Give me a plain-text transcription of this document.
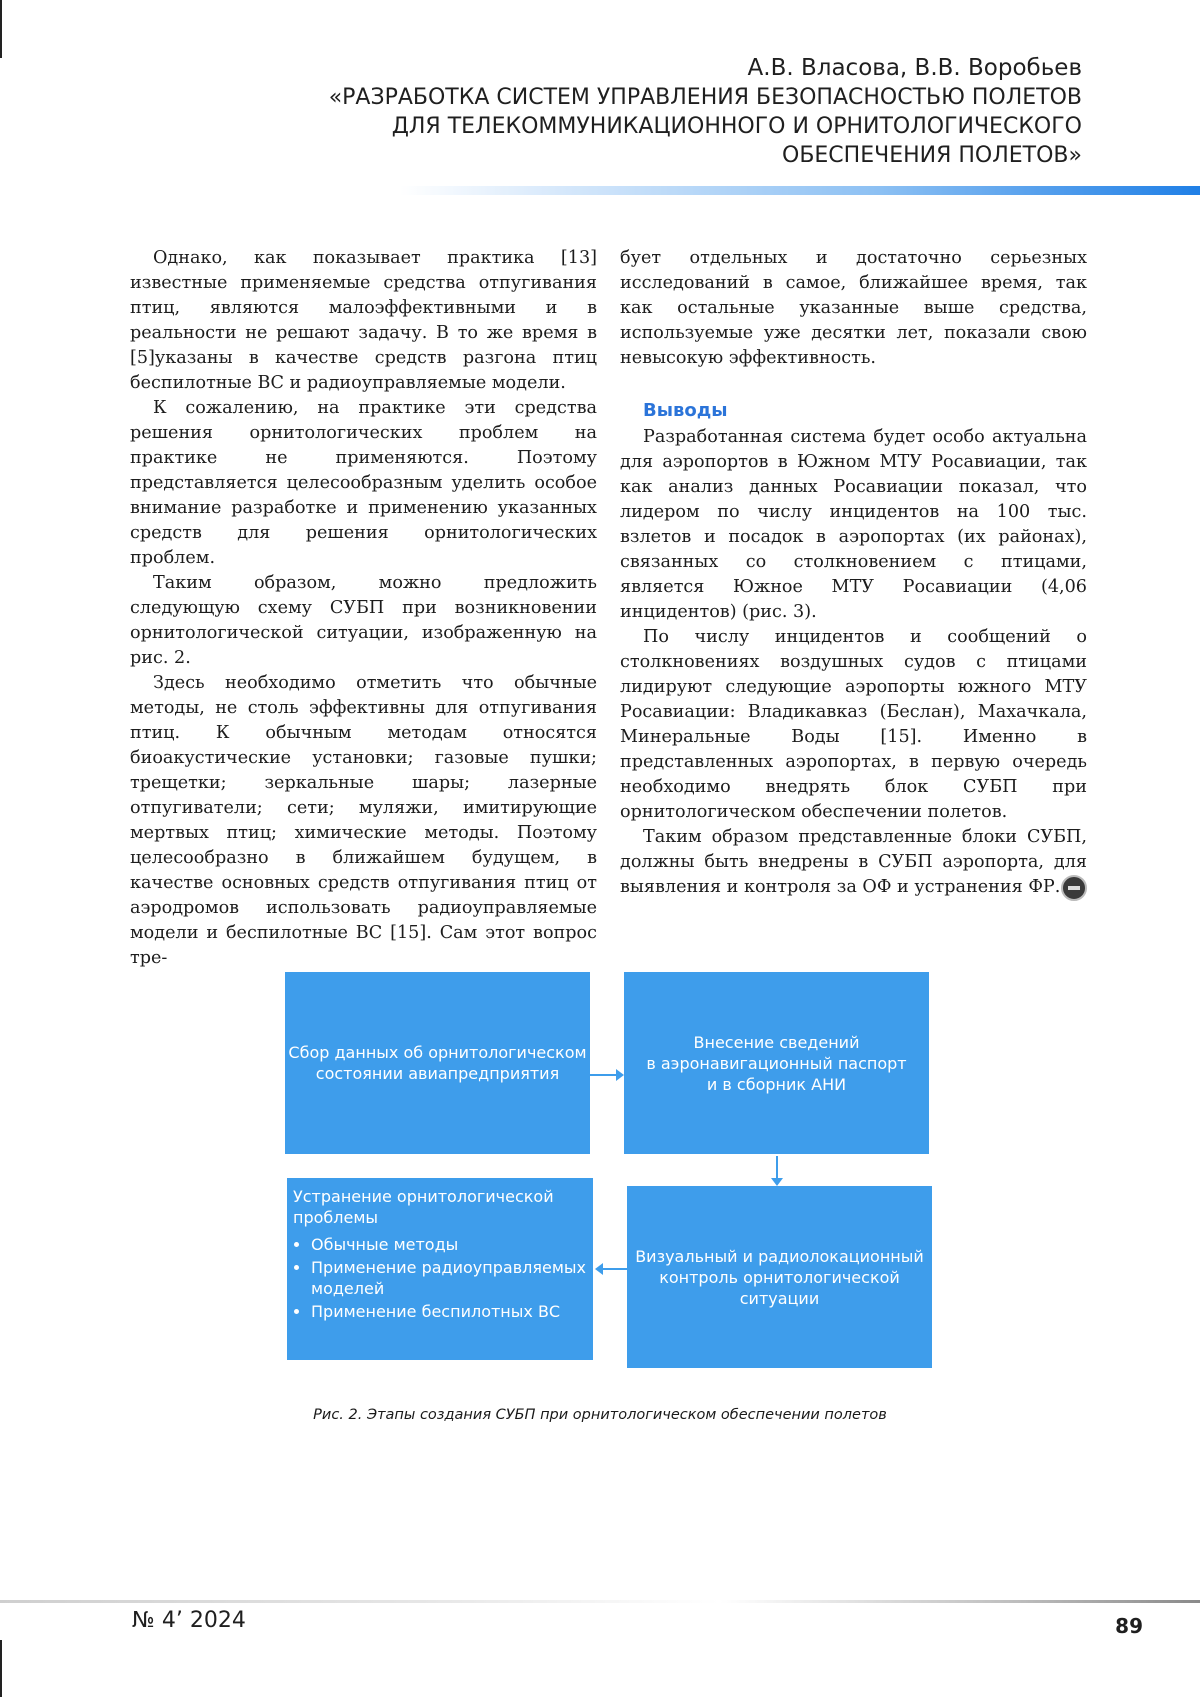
А.В. Власова, В.В. Воробьев
«РАЗРАБОТКА СИСТЕМ УПРАВЛЕНИЯ БЕЗОПАСНОСТЬЮ ПОЛЕТОВ
ДЛЯ ТЕЛЕКОММУНИКАЦИОННОГО И ОРНИТОЛОГИЧЕСКОГО
ОБЕСПЕЧЕНИЯ ПОЛЕТОВ»

Однако, как показывает практика [13] известные применяемые средства отпугивания птиц, являются малоэффективными и в реальности не решают задачу. В то же время в [5]указаны в качестве средств разгона птиц беспилотные ВС и радиоуправляемые модели.

К сожалению, на практике эти средства решения орнитологических проблем на практике не применяются. Поэтому представляется целесообразным уделить особое внимание разработке и применению указанных средств для решения орнитологических проблем.

Таким образом, можно предложить следующую схему СУБП при возникновении орнитологической ситуации, изображенную на рис. 2.

Здесь необходимо отметить что обычные методы, не столь эффективны для отпугивания птиц. К обычным методам относятся биоакустические установки; газовые пушки; трещетки; зеркальные шары; лазерные отпугиватели; сети; муляжи, имитирующие мертвых птиц; химические методы. Поэтому целесообразно в ближайшем будущем, в качестве основных средств отпугивания птиц от аэродромов использовать радиоуправляемые модели и беспилотные ВС [15]. Сам этот вопрос тре-

бует отдельных и достаточно серьезных исследований в самое, ближайшее время, так как остальные указанные выше средства, используемые уже десятки лет, показали свою невысокую эффективность.

Выводы

Разработанная система будет особо актуальна для аэропортов в Южном МТУ Росавиации, так как анализ данных Росавиации показал, что лидером по числу инцидентов на 100 тыс. взлетов и посадок в аэропортах (их районах), связанных со столкновением с птицами, является Южное МТУ Росавиации (4,06 инцидентов) (рис. 3).

По числу инцидентов и сообщений о столкновениях воздушных судов с птицами лидируют следующие аэропорты южного МТУ Росавиации: Владикавказ (Беслан), Махачкала, Минеральные Воды [15]. Именно в представленных аэропортах, в первую очередь необходимо внедрять блок СУБП при орнитологическом обеспечении полетов.

Таким образом представленные блоки СУБП, должны быть внедрены в СУБП аэропорта, для выявления и контроля за ОФ и устранения ФР.

Сбор данных об орнитологическом
состоянии авиапредприятия
Внесение сведений
в аэронавигационный паспорт
и в сборник АНИ
Устранение орнитологической проблемы
• Обычные методы
• Применение радиоуправляемых моделей
• Применение беспилотных ВС
Визуальный и радиолокационный
контроль орнитологической
ситуации
Рис. 2. Этапы создания СУБП при орнитологическом обеспечении полетов
№ 4’ 2024	89
